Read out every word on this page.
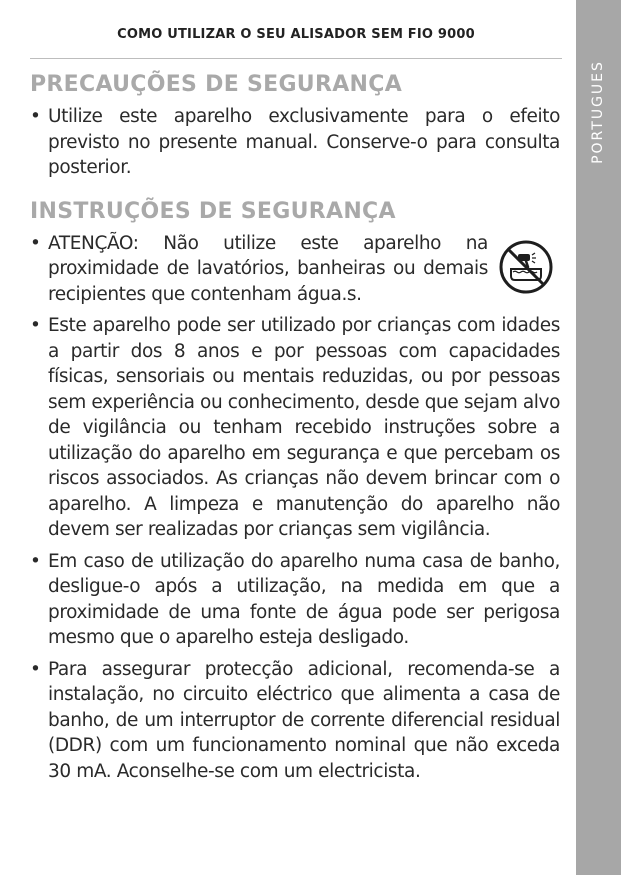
PORTUGUES
COMO UTILIZAR O SEU ALISADOR SEM FIO 9000
PRECAUÇÕES DE SEGURANÇA
• Utilize este aparelho exclusivamente para o efeito previsto no presente manual. Conserve-o para consulta posterior.
INSTRUÇÕES DE SEGURANÇA
• ATENÇÃO: Não utilize este aparelho na proximidade de lavatórios, banheiras ou demais recipientes que contenham água.s.
• Este aparelho pode ser utilizado por crianças com idades a partir dos 8 anos e por pessoas com capacidades físicas, sensoriais ou mentais reduzidas, ou por pessoas sem experiência ou conhecimento, desde que sejam alvo de vigilância ou tenham recebido instruções sobre a utilização do aparelho em segurança e que percebam os riscos associados. As crianças não devem brincar com o aparelho. A limpeza e manutenção do aparelho não devem ser realizadas por crianças sem vigilância.
• Em caso de utilização do aparelho numa casa de banho, desligue-o após a utilização, na medida em que a proximidade de uma fonte de água pode ser perigosa mesmo que o aparelho esteja desligado.
• Para assegurar protecção adicional, recomenda-se a instalação, no circuito eléctrico que alimenta a casa de banho, de um interruptor de corrente diferencial residual (DDR) com um funcionamento nominal que não exceda 30 mA. Aconselhe-se com um electricista.
